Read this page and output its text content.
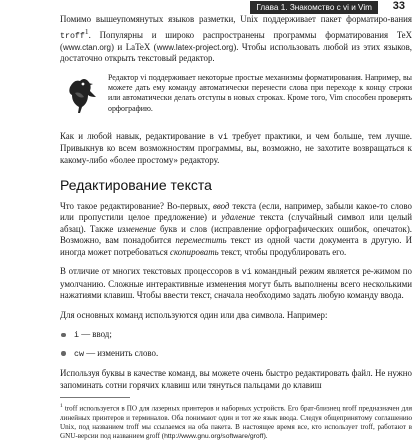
Глава 1. Знакомство с vi и Vim	33

Помимо вышеупомянутых языков разметки, Unix поддерживает пакет форматиро-вания troff$^1$. Популярны и широко распространены программы форматирования TeX (www.ctan.org) и LaTeX (www.latex-project.org). Чтобы использовать любой из этих языков, достаточно открыть текстовый редактор.

Редактор vi поддерживает некоторые простые механизмы форматирования. Например, вы можете дать ему команду автоматически перенести слова при переходе к концу строки или автоматически делать отступы в новых строках. Кроме того, Vim способен проверять орфографию.

Как и любой навык, редактирование в vi требует практики, и чем больше, тем лучше. Привыкнув ко всем возможностям программы, вы, возможно, не захотите возвращаться к какому-либо «более простому» редактору.

Редактирование текста

Что такое редактирование? Во-первых, ввод текста (если, например, забыли какое-то слово или пропустили целое предложение) и удаление текста (случайный символ или целый абзац). Также изменение букв и слов (исправление орфографических ошибок, опечаток). Возможно, вам понадобится переместить текст из одной части документа в другую. И иногда может потребоваться скопировать текст, чтобы продублировать его.

В отличие от многих текстовых процессоров в vi командный режим является ре-жимом по умолчанию. Сложные интерактивные изменения могут быть выполнены всего несколькими нажатиями клавиш. Чтобы ввести текст, сначала необходимо задать любую команду ввода.

Для основных команд используются один или два символа. Например:

i — ввод;
cw — изменить слово.

Используя буквы в качестве команд, вы можете очень быстро редактировать файл. Не нужно запоминать сотни горячих клавиш или тянуться пальцами до клавиш

$^1$ troff используется в ПО для лазерных принтеров и наборных устройств. Его брат-близнец nroff предназначен для линейных принтеров и терминалов. Оба понимают один и тот же язык ввода. Следуя общепринятому соглашению Unix, под названием troff мы ссылаемся на оба пакета. В настоящее время все, кто использует troff, работают в GNU-версии под названием groff (http://www.gnu.org/software/groff).
